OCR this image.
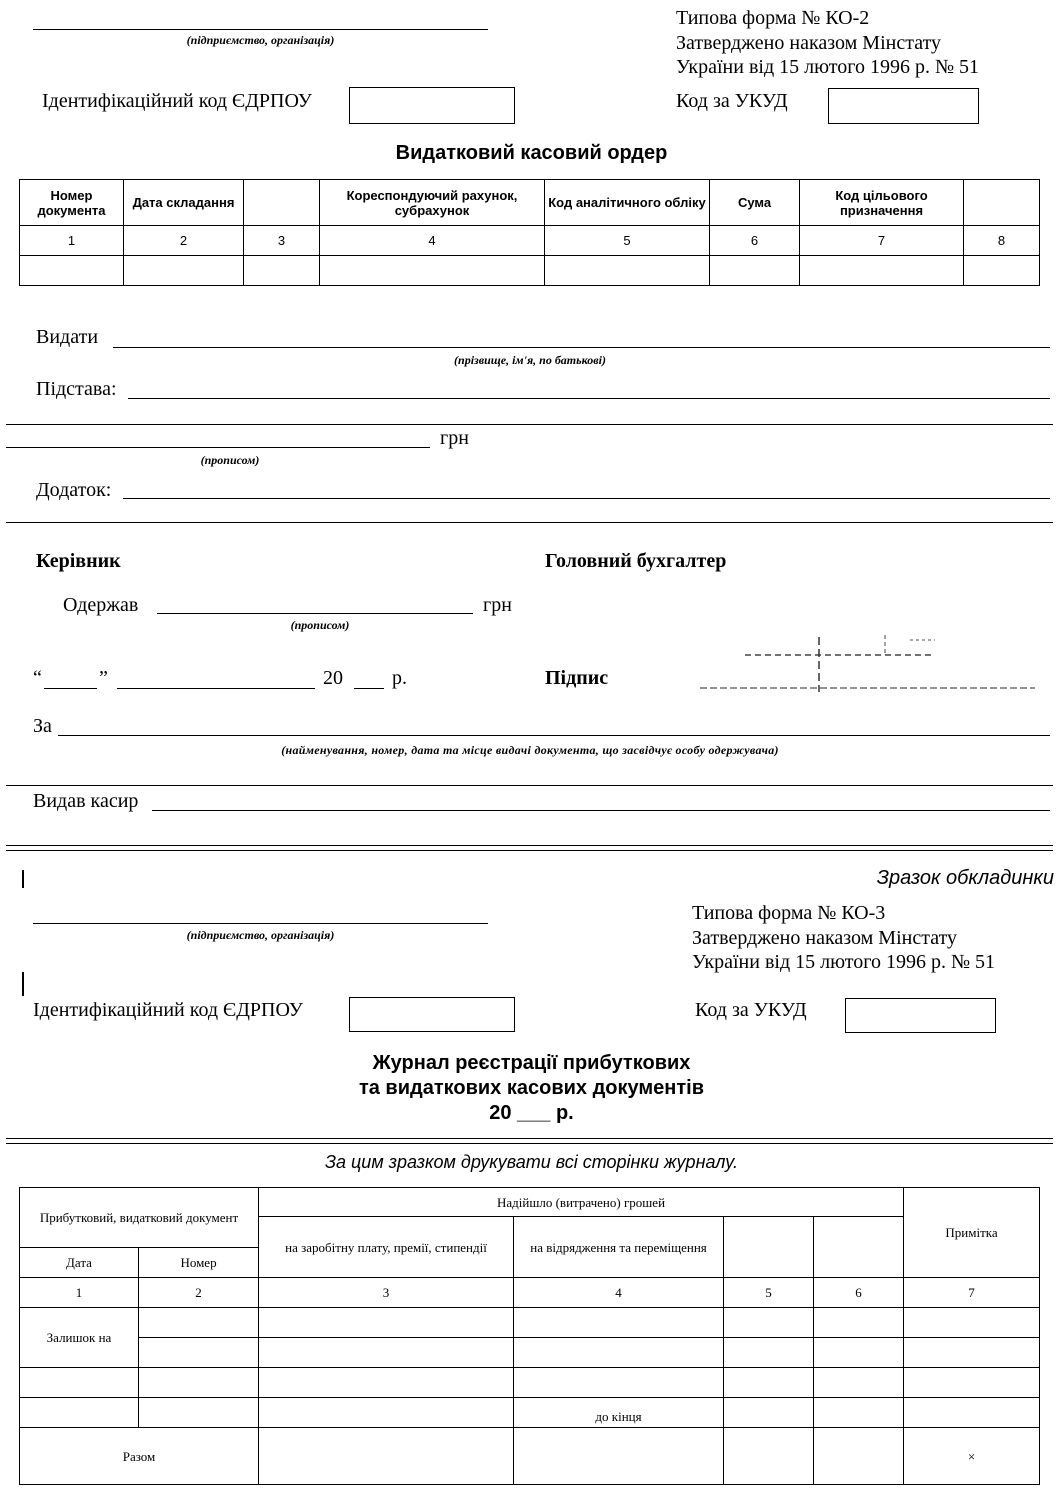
(підприємство, організація)
Типова форма № КО-2
Затверджено наказом Мінстату
України від 15 лютого 1996 р. № 51
Ідентифікаційний код ЄДРПОУ	Код за УКУД
Видатковий касовий ордер
Номер документа	Дата складання		Кореспондуючий рахунок, субрахунок	Код аналітичного обліку	Сума	Код цільового призначення	
1	2	3	4	5	6	7	8

Видати
(прізвище, ім'я, по батькові)
Підстава:
грн
(прописом)
Додаток:
Керівник	Головний бухгалтер
Одержав	грн
(прописом)
“	”	20 р.	Підпис
За
(найменування, номер, дата та місце видачі документа, що засвідчує особу одержувача)
Видав касир
Зразок обкладинки
(підприємство, організація)
Типова форма № КО-3
Затверджено наказом Мінстату
України від 15 лютого 1996 р. № 51
Ідентифікаційний код ЄДРПОУ	Код за УКУД
Журнал реєстрації прибуткових
та видаткових касових документів
20 ___ р.
За цим зразком друкувати всі сторінки журналу.
Прибутковий, видатковий документ		Надійшло (витрачено) грошей				Примітка
		на заробітну плату, премії, стипендії	на відрядження та переміщення			
Дата	Номер					
1	2	3	4	5	6	7
Залишок на						

			до кінця			
Разом						×
